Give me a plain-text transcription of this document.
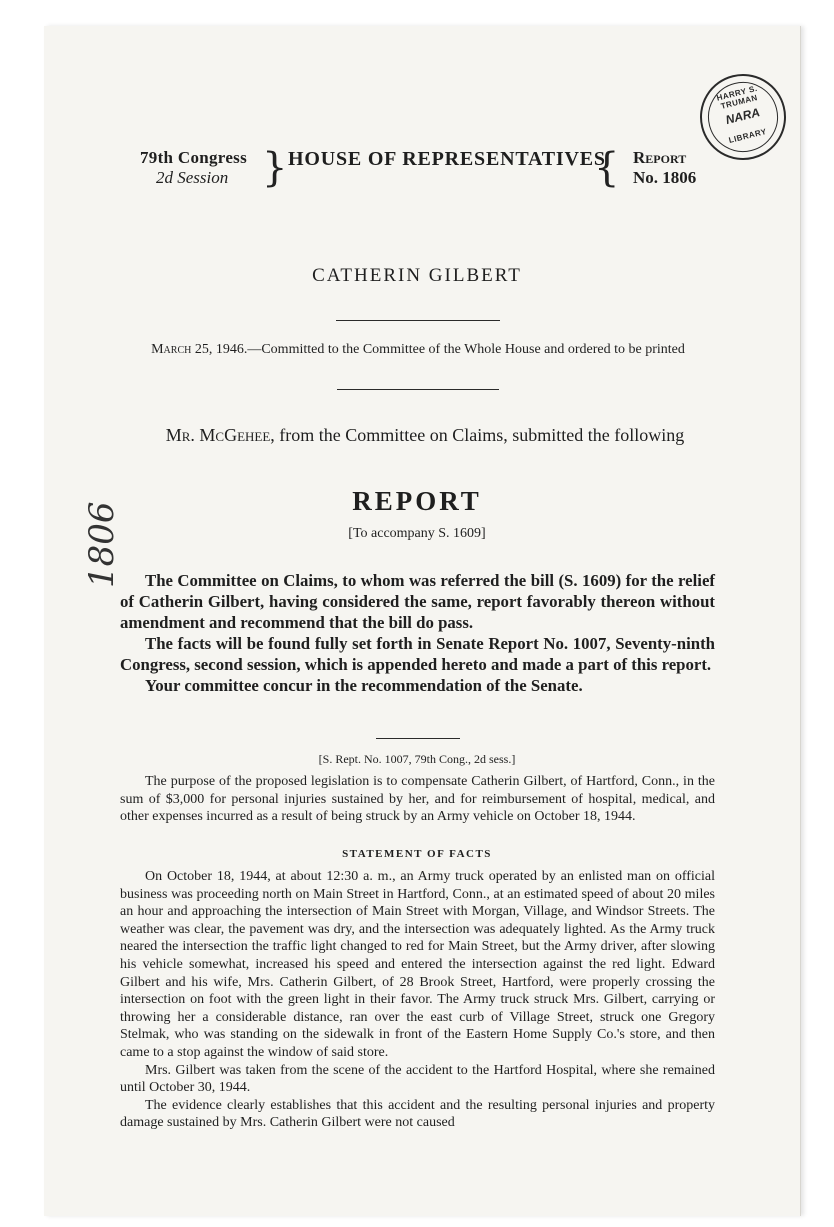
HARRY S. TRUMAN
NARA
LIBRARY
79th Congress
2d Session } HOUSE OF REPRESENTATIVES
{ Report
No. 1806
CATHERIN GILBERT
March 25, 1946.—Committed to the Committee of the Whole House and ordered to be printed
Mr. McGehee, from the Committee on Claims, submitted the following
REPORT
[To accompany S. 1609]

The Committee on Claims, to whom was referred the bill (S. 1609) for the relief of Catherin Gilbert, having considered the same, report favorably thereon without amendment and recommend that the bill do pass.

The facts will be found fully set forth in Senate Report No. 1007, Seventy-ninth Congress, second session, which is appended hereto and made a part of this report.

Your committee concur in the recommendation of the Senate.

[S. Rept. No. 1007, 79th Cong., 2d sess.]

The purpose of the proposed legislation is to compensate Catherin Gilbert, of Hartford, Conn., in the sum of $3,000 for personal injuries sustained by her, and for reimbursement of hospital, medical, and other expenses incurred as a result of being struck by an Army vehicle on October 18, 1944.

STATEMENT OF FACTS

On October 18, 1944, at about 12:30 a. m., an Army truck operated by an enlisted man on official business was proceeding north on Main Street in Hartford, Conn., at an estimated speed of about 20 miles an hour and approaching the intersection of Main Street with Morgan, Village, and Windsor Streets. The weather was clear, the pavement was dry, and the intersection was adequately lighted. As the Army truck neared the intersection the traffic light changed to red for Main Street, but the Army driver, after slowing his vehicle somewhat, increased his speed and entered the intersection against the red light. Edward Gilbert and his wife, Mrs. Catherin Gilbert, of 28 Brook Street, Hartford, were properly crossing the intersection on foot with the green light in their favor. The Army truck struck Mrs. Gilbert, carrying or throwing her a considerable distance, ran over the east curb of Village Street, struck one Gregory Stelmak, who was standing on the sidewalk in front of the Eastern Home Supply Co.'s store, and then came to a stop against the window of said store.

Mrs. Gilbert was taken from the scene of the accident to the Hartford Hospital, where she remained until October 30, 1944.

The evidence clearly establishes that this accident and the resulting personal injuries and property damage sustained by Mrs. Catherin Gilbert were not caused
